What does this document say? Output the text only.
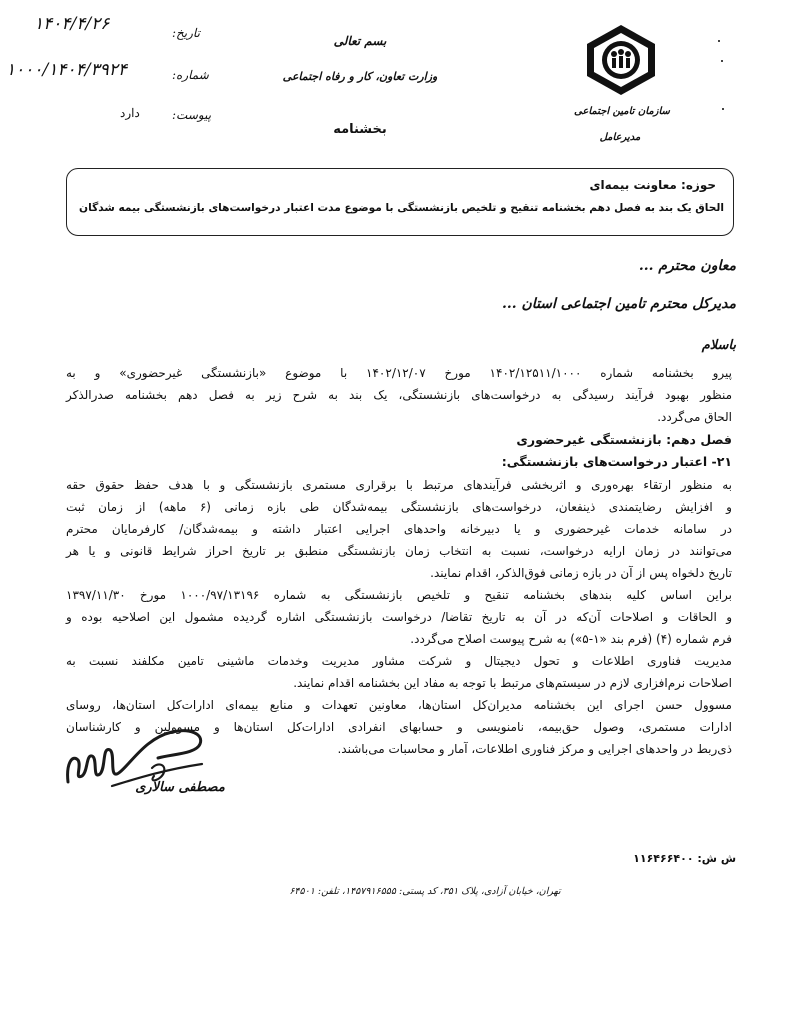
۱۴۰۴/۴/۲۶	تاریخ:
۱۰۰۰/۱۴۰۴/۳۹۲۴	شماره:
دارد	پیوست:
بسم تعالی
وزارت تعاون، کار و رفاه اجتماعی
بخشنامه
سازمان تامین اجتماعی
مدیرعامل
حوزه: معاونت بیمه‌ای
الحاق یک بند به فصل دهم بخشنامه تنقیح و تلخیص بازنشستگی با موضوع مدت اعتبار درخواست‌های بازنشستگی بیمه شدگان
معاون محترم ...
مدیرکل محترم تامین اجتماعی استان ...
باسلام

پیرو بخشنامه شماره ۱۴۰۲/۱۲۵۱۱/۱۰۰۰ مورخ ۱۴۰۲/۱۲/۰۷ با موضوع «بازنشستگی غیرحضوری» و به

منظور بهبود فرآیند رسیدگی به درخواست‌های بازنشستگی، یک بند به شرح زیر به فصل دهم بخشنامه صدرالذکر

الحاق می‌گردد.

فصل دهم: بازنشستگی غیرحضوری
۲۱- اعتبار درخواست‌های بازنشستگی:

به منظور ارتقاء بهره‌وری و اثربخشی فرآیندهای مرتبط با برقراری مستمری بازنشستگی و با هدف حفظ حقوق حقه

و افزایش رضایتمندی ذینفعان، درخواست‌های بازنشستگی بیمه‌شدگان طی بازه زمانی (۶ ماهه) از زمان ثبت

در سامانه خدمات غیرحضوری و یا دبیرخانه واحدهای اجرایی اعتبار داشته و بیمه‌شدگان/ کارفرمایان محترم

می‌توانند در زمان ارایه درخواست، نسبت به انتخاب زمان بازنشستگی منطبق بر تاریخ احراز شرایط قانونی و یا هر

تاریخ دلخواه پس از آن در بازه زمانی فوق‌الذکر، اقدام نمایند.

براین اساس کلیه بندهای بخشنامه تنقیح و تلخیص بازنشستگی به شماره ۱۰۰۰/۹۷/۱۳۱۹۶ مورخ ۱۳۹۷/۱۱/۳۰

و الحاقات و اصلاحات آن‌که در آن به تاریخ تقاضا/ درخواست بازنشستگی اشاره گردیده مشمول این اصلاحیه بوده و

فرم شماره (۴) (فرم بند «۱-۵») به شرح پیوست اصلاح می‌گردد.

مدیریت فناوری اطلاعات و تحول دیجیتال و شرکت مشاور مدیریت وخدمات ماشینی تامین مکلفند نسبت به

اصلاحات نرم‌افزاری لازم در سیستم‌های مرتبط با توجه به مفاد این بخشنامه اقدام نمایند.

مسوول حسن اجرای این بخشنامه مدیران‌کل استان‌ها، معاونین تعهدات و منابع بیمه‌ای ادارات‌کل استان‌ها، روسای

ادارات مستمری، وصول حق‌بیمه، نامنویسی و حسابهای انفرادی ادارات‌کل استان‌ها و مسوولین و کارشناسان

ذی‌ربط در واحدهای اجرایی و مرکز فناوری اطلاعات، آمار و محاسبات می‌باشند.

مصطفی سالاری
ش ش: ۱۱۶۴۶۶۴۰۰
تهران، خیابان آزادی، پلاک ۳۵۱، کد پستی: ۱۴۵۷۹۱۶۵۵۵، تلفن: ۶۴۵۰۱
